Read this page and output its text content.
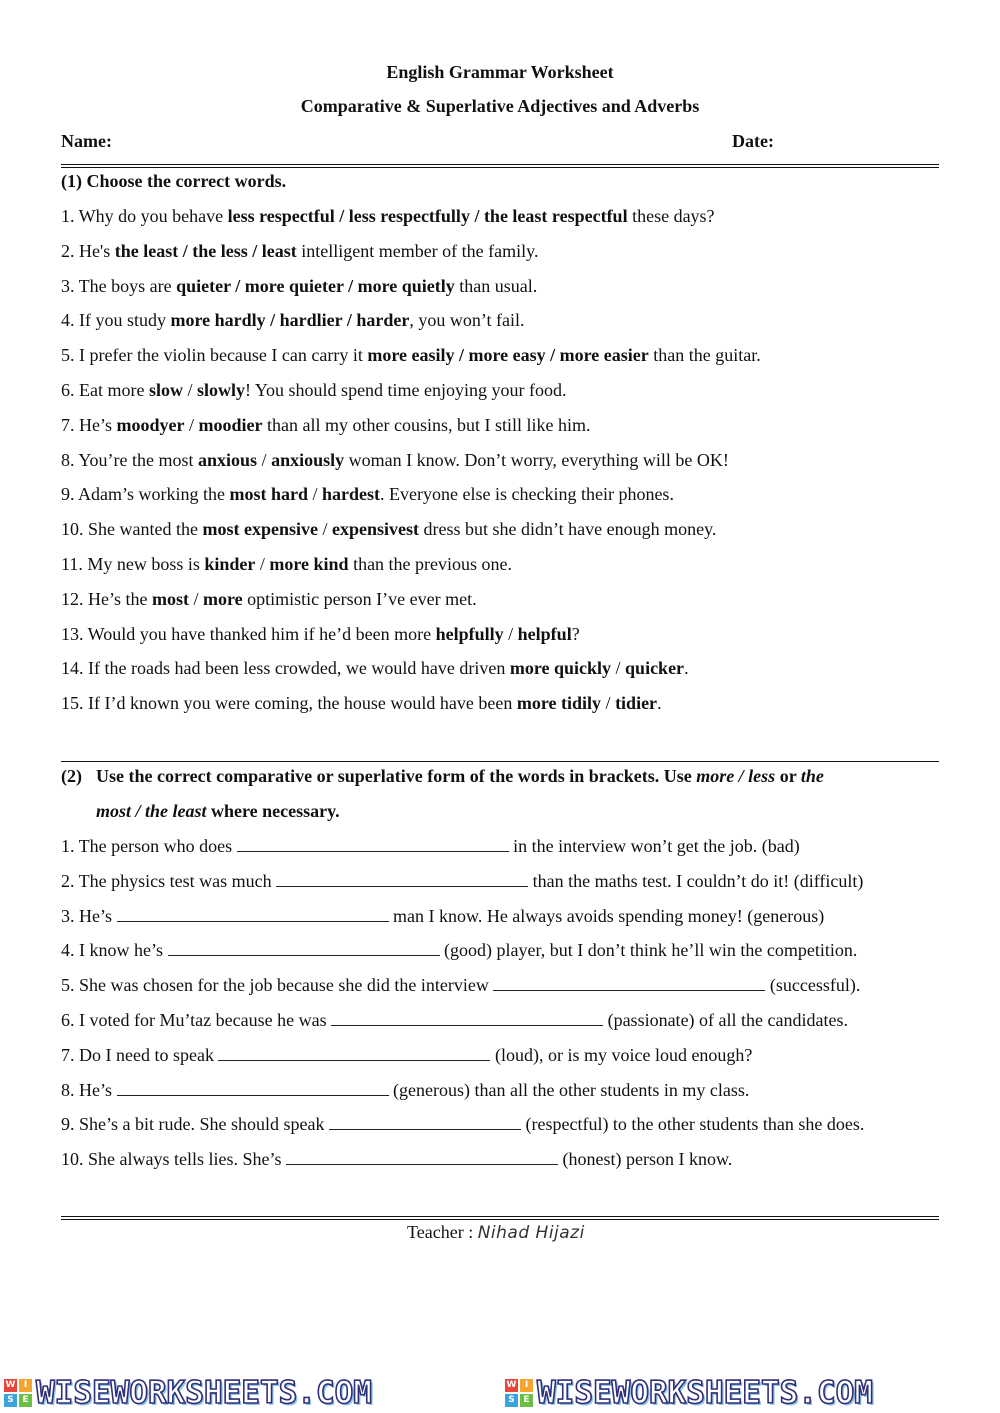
English Grammar Worksheet
Comparative & Superlative Adjectives and Adverbs
Name:	Date:
(1) Choose the correct words.
1. Why do you behave less respectful / less respectfully / the least respectful these days?
2. He's the least / the less / least intelligent member of the family.
3. The boys are quieter / more quieter / more quietly than usual.
4. If you study more hardly / hardlier / harder, you won’t fail.
5. I prefer the violin because I can carry it more easily / more easy / more easier than the guitar.
6. Eat more slow / slowly! You should spend time enjoying your food.
7. He’s moodyer / moodier than all my other cousins, but I still like him.
8. You’re the most anxious / anxiously woman I know. Don’t worry, everything will be OK!
9. Adam’s working the most hard / hardest. Everyone else is checking their phones.
10. She wanted the most expensive / expensivest dress but she didn’t have enough money.
11. My new boss is kinder / more kind than the previous one.
12. He’s the most / more optimistic person I’ve ever met.
13. Would you have thanked him if he’d been more helpfully / helpful?
14. If the roads had been less crowded, we would have driven more quickly / quicker.
15. If I’d known you were coming, the house would have been more tidily / tidier.
(2) Use the correct comparative or superlative form of the words in brackets. Use more / less or the
most / the least where necessary.
1. The person who does	in the interview won’t get the job. (bad)
2. The physics test was much	than the maths test. I couldn’t do it! (difficult)
3. He’s	man I know. He always avoids spending money! (generous)
4. I know he’s	(good) player, but I don’t think he’ll win the competition.
5. She was chosen for the job because she did the interview	(successful).
6. I voted for Mu’taz because he was	(passionate) of all the candidates.
7. Do I need to speak	(loud), or is my voice loud enough?
8. He’s	(generous) than all the other students in my class.
9. She’s a bit rude. She should speak	(respectful) to the other students than she does.
10. She always tells lies. She’s	(honest) person I know.
Teacher : Nihad Hijazi
W I
S E WISEWORKSHEETS.COM	W I
S E WISEWORKSHEETS.COM
